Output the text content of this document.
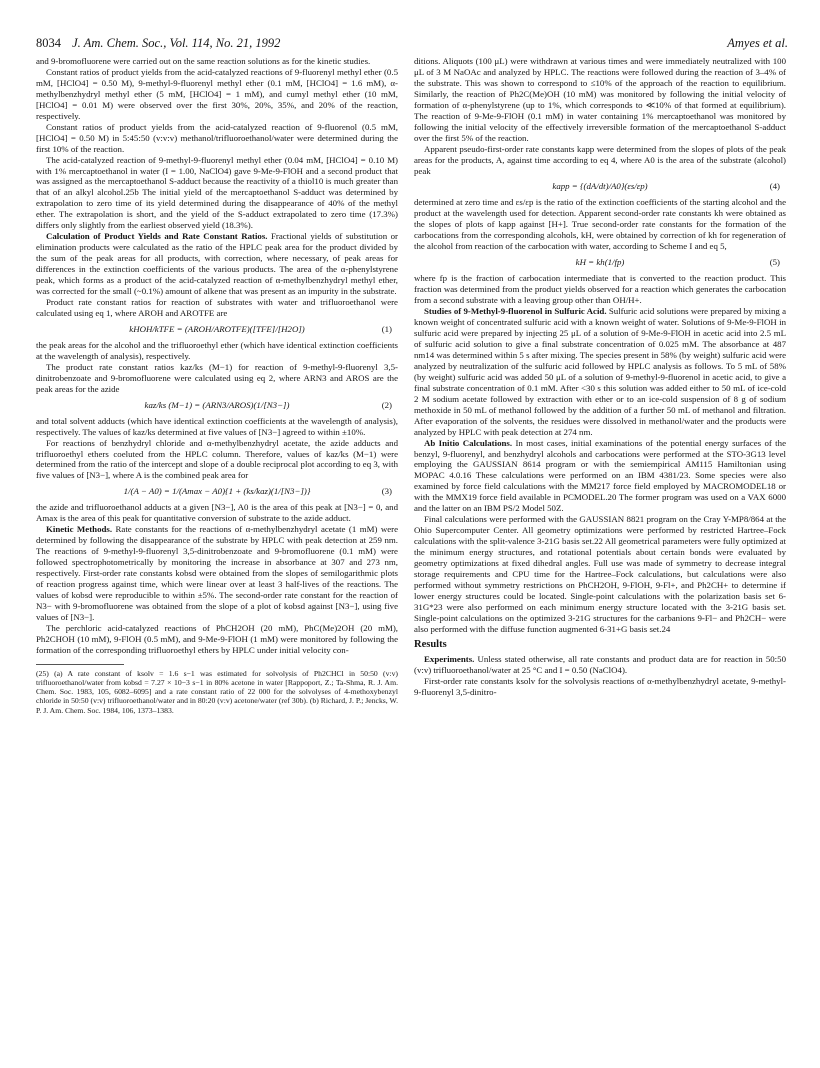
8034 J. Am. Chem. Soc., Vol. 114, No. 21, 1992	Amyes et al.

and 9-bromofluorene were carried out on the same reaction solutions as for the kinetic studies.

Constant ratios of product yields from the acid-catalyzed reactions of 9-fluorenyl methyl ether (0.5 mM, [HClO4] = 0.50 M), 9-methyl-9-fluorenyl methyl ether (0.1 mM, [HClO4] = 1.6 mM), α-methylbenzhydryl methyl ether (5 mM, [HClO4] = 1 mM), and cumyl methyl ether (10 mM, [HClO4] = 0.01 M) were observed over the first 30%, 20%, 35%, and 20% of the reaction, respectively.

Constant ratios of product yields from the acid-catalyzed reaction of 9-fluorenol (0.5 mM, [HClO4] = 0.50 M) in 5:45:50 (v:v:v) methanol/trifluoroethanol/water were determined during the first 10% of the reaction.

The acid-catalyzed reaction of 9-methyl-9-fluorenyl methyl ether (0.04 mM, [HClO4] = 0.10 M) with 1% mercaptoethanol in water (I = 1.00, NaClO4) gave 9-Me-9-FlOH and a second product that was assigned as the mercaptoethanol S-adduct because the reactivity of a thiol10 is much greater than that of an alkyl alcohol.25b The initial yield of the mercaptoethanol S-adduct was determined by extrapolation to zero time of its yield determined during the disappearance of 40% of the methyl ether. The extrapolation is short, and the yield of the S-adduct extrapolated to zero time (17.3%) differs only slightly from the earliest observed yield (18.3%).

Calculation of Product Yields and Rate Constant Ratios. Fractional yields of substitution or elimination products were calculated as the ratio of the HPLC peak area for the product divided by the sum of the peak areas for all products, with correction, where necessary, of peak areas for differences in the extinction coefficients of the various products. The area of the α-phenylstyrene peak, which forms as a product of the acid-catalyzed reaction of α-methylbenzhydryl methyl ether, was corrected for the small (~0.1%) amount of alkene that was present as an impurity in the substrate.

Product rate constant ratios for reaction of substrates with water and trifluoroethanol were calculated using eq 1, where AROH and AROTFE are

kHOH/kTFE = (AROH/AROTFE)([TFE]/[H2O])	(1)

the peak areas for the alcohol and the trifluoroethyl ether (which have identical extinction coefficients at the wavelength of analysis), respectively.

The product rate constant ratios kaz/ks (M−1) for reaction of 9-methyl-9-fluorenyl 3,5-dinitrobenzoate and 9-bromofluorene were calculated using eq 2, where ARN3 and AROS are the peak areas for the azide

kaz/ks (M−1) = (ARN3/AROS)(1/[N3−])	(2)

and total solvent adducts (which have identical extinction coefficients at the wavelength of analysis), respectively. The values of kaz/ks determined at five values of [N3−] agreed to within ±10%.

For reactions of benzhydryl chloride and α-methylbenzhydryl acetate, the azide adducts and trifluoroethyl ethers coeluted from the HPLC column. Therefore, values of kaz/ks (M−1) were determined from the ratio of the intercept and slope of a double reciprocal plot according to eq 3, with five values of [N3−], where A is the combined peak area for

1/(A − A0) = 1/(Amax − A0){1 + (ks/kaz)(1/[N3−])}	(3)

the azide and trifluoroethanol adducts at a given [N3−], A0 is the area of this peak at [N3−] = 0, and Amax is the area of this peak for quantitative conversion of substrate to the azide adduct.

Kinetic Methods. Rate constants for the reactions of α-methylbenzhydryl acetate (1 mM) were determined by following the disappearance of the substrate by HPLC with peak detection at 259 nm. The reactions of 9-methyl-9-fluorenyl 3,5-dinitrobenzoate and 9-bromofluorene (0.1 mM) were followed spectrophotometrically by monitoring the increase in absorbance at 307 and 273 nm, respectively. First-order rate constants kobsd were obtained from the slopes of semilogarithmic plots of reaction progress against time, which were linear over at least 3 half-lives of the reactions. The values of kobsd were reproducible to within ±5%. The second-order rate constant for the reaction of N3− with 9-bromofluorene was obtained from the slope of a plot of kobsd against [N3−], using five values of [N3−].

The perchloric acid-catalyzed reactions of PhCH2OH (20 mM), PhC(Me)2OH (20 mM), Ph2CHOH (10 mM), 9-FlOH (0.5 mM), and 9-Me-9-FlOH (1 mM) were monitored by following the formation of the corresponding trifluoroethyl ethers by HPLC under initial velocity con-

(25) (a) A rate constant of ksolv = 1.6 s−1 was estimated for solvolysis of Ph2CHCl in 50:50 (v:v) trifluoroethanol/water from kobsd = 7.27 × 10−3 s−1 in 80% acetone in water [Rappoport, Z.; Ta-Shma, R. J. Am. Chem. Soc. 1983, 105, 6082–6095] and a rate constant ratio of 22 000 for the solvolyses of 4-methoxybenzyl chloride in 50:50 (v:v) trifluoroethanol/water and in 80:20 (v:v) acetone/water (ref 30b). (b) Richard, J. P.; Jencks, W. P. J. Am. Chem. Soc. 1984, 106, 1373–1383.

ditions. Aliquots (100 μL) were withdrawn at various times and were immediately neutralized with 100 μL of 3 M NaOAc and analyzed by HPLC. The reactions were followed during the reaction of 3–4% of the substrate. This was shown to correspond to ≤10% of the approach of the reaction to equilibrium. Similarly, the reaction of Ph2C(Me)OH (10 mM) was monitored by following the initial velocity of formation of α-phenylstyrene (up to 1%, which corresponds to ≪10% of that formed at equilibrium). The reaction of 9-Me-9-FlOH (0.1 mM) in water containing 1% mercaptoethanol was monitored by following the initial velocity of the effectively irreversible formation of the mercaptoethanol S-adduct over the first 5% of the reaction.

Apparent pseudo-first-order rate constants kapp were determined from the slopes of plots of the peak areas for the products, A, against time according to eq 4, where A0 is the area of the substrate (alcohol) peak

kapp = {(dA/dt)/A0}(εs/εp)	(4)

determined at zero time and εs/εp is the ratio of the extinction coefficients of the starting alcohol and the product at the wavelength used for detection. Apparent second-order rate constants kh were obtained as the slopes of plots of kapp against [H+]. True second-order rate constants for the formation of the carbocations from the corresponding alcohols, kH, were obtained by correction of kh for regeneration of the alcohol from reaction of the carbocation with water, according to Scheme I and eq 5,

kH = kh(1/fp)	(5)

where fp is the fraction of carbocation intermediate that is converted to the reaction product. This fraction was determined from the product yields observed for a reaction which generates the carbocation from a second substrate with a leaving group other than OH/H+.

Studies of 9-Methyl-9-fluorenol in Sulfuric Acid. Sulfuric acid solutions were prepared by mixing a known weight of concentrated sulfuric acid with a known weight of water. Solutions of 9-Me-9-FlOH in sulfuric acid were prepared by injecting 25 μL of a solution of 9-Me-9-FlOH in acetic acid into 2.5 mL of sulfuric acid solution to give a final substrate concentration of 0.025 mM. The absorbance at 487 nm14 was determined within 5 s after mixing. The species present in 58% (by weight) sulfuric acid were analyzed by neutralization of the sulfuric acid followed by HPLC analysis as follows. To 5 mL of 58% (by weight) sulfuric acid was added 50 μL of a solution of 9-methyl-9-fluorenol in acetic acid, to give a final substrate concentration of 0.1 mM. After <30 s this solution was added either to 50 mL of ice-cold 2 M sodium acetate followed by extraction with ether or to an ice-cold suspension of 8 g of sodium methoxide in 50 mL of methanol followed by the addition of a further 50 mL of methanol and filtration. After evaporation of the solvents, the residues were dissolved in methanol/water and the products were analyzed by HPLC with peak detection at 274 nm.

Ab Initio Calculations. In most cases, initial examinations of the potential energy surfaces of the benzyl, 9-fluorenyl, and benzhydryl alcohols and carbocations were performed at the STO-3G13 level employing the GAUSSIAN 8614 program or with the semiempirical AM115 Hamiltonian using MOPAC 4.0.16 These calculations were performed on an IBM 4381/23. Some species were also examined by force field calculations with the MM217 force field employed by MACROMODEL18 or with the MMX19 force field available in PCMODEL.20 The former program was used on a VAX 6000 and the latter on an IBM PS/2 Model 50Z.

Final calculations were performed with the GAUSSIAN 8821 program on the Cray Y-MP8/864 at the Ohio Supercomputer Center. All geometry optimizations were performed by restricted Hartree–Fock calculations with the split-valence 3-21G basis set.22 All geometrical parameters were fully optimized at the minimum energy structures, and rotational potentials about certain bonds were evaluated by geometry optimizations at fixed dihedral angles. Full use was made of symmetry to decrease integral storage requirements and CPU time for the Hartree–Fock calculations, but calculations were also performed without symmetry restrictions on PhCH2OH, 9-FlOH, 9-Fl+, and Ph2CH+ to determine if lower energy structures could be located. Single-point calculations with the polarization basis set 6-31G*23 were also performed on each minimum energy structure located with the 3-21G basis set. Single-point calculations on the optimized 3-21G structures for the carbanions 9-Fl− and Ph2CH− were also performed with the diffuse function augmented 6-31+G basis set.24

Results

Experiments. Unless stated otherwise, all rate constants and product data are for reaction in 50:50 (v:v) trifluoroethanol/water at 25 °C and I = 0.50 (NaClO4).

First-order rate constants ksolv for the solvolysis reactions of α-methylbenzhydryl acetate, 9-methyl-9-fluorenyl 3,5-dinitro-
